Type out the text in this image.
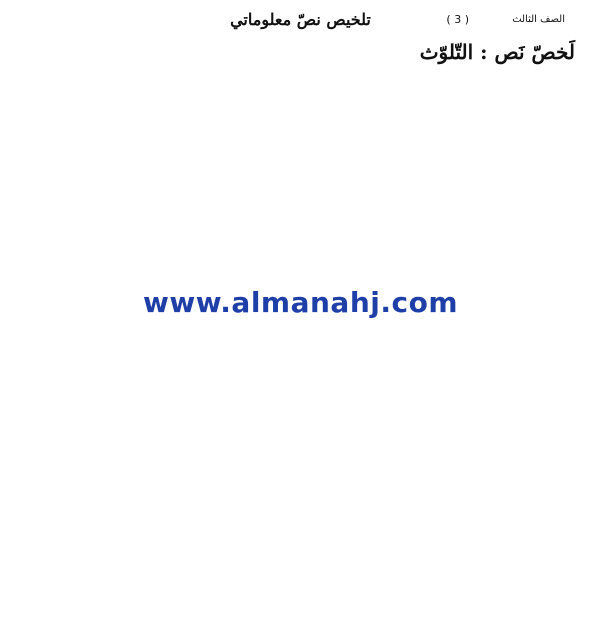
الصف الثالث
( 3 )
تلخيص نصّ معلوماتي
لَخصّ نَص : التّلوّث

www.almanahj.com
